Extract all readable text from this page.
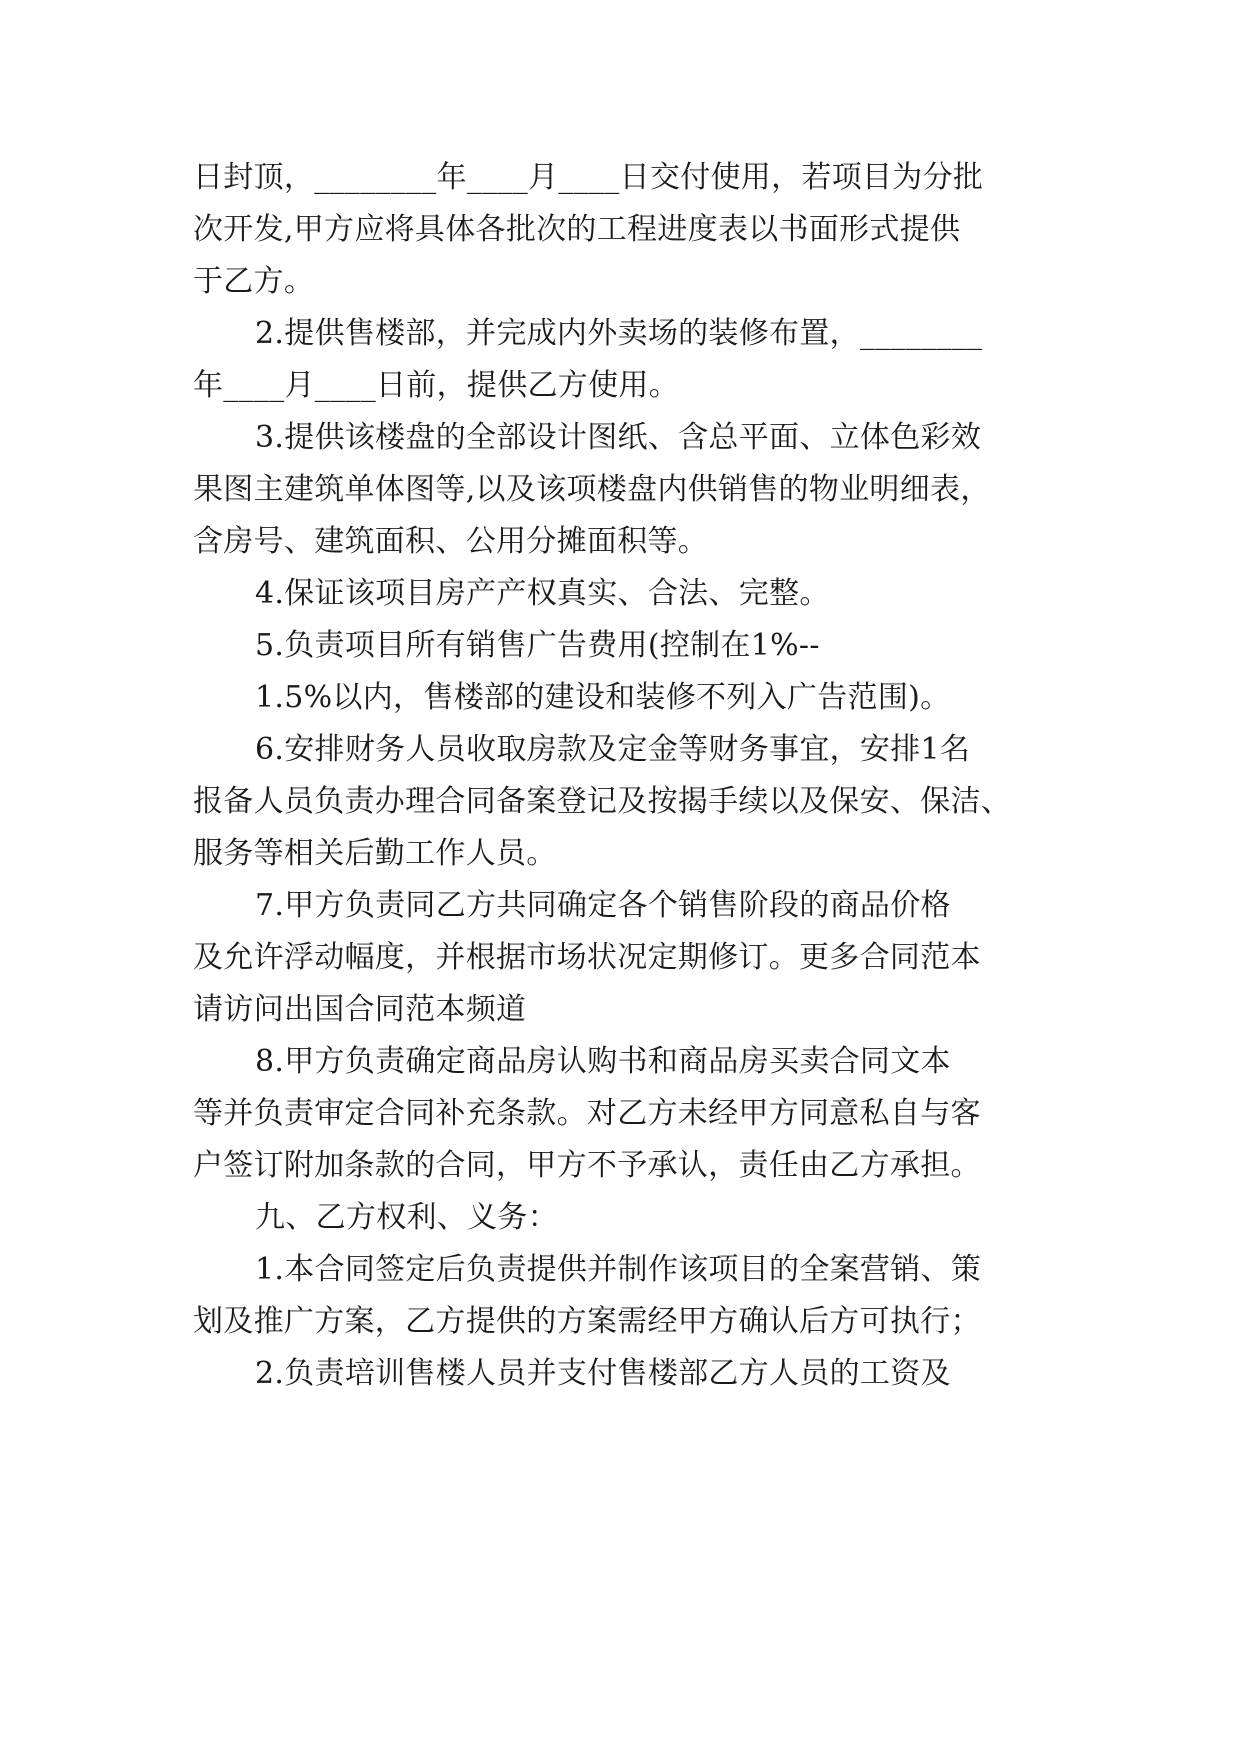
日封顶，________年____月____日交付使用，若项目为分批
次开发,甲方应将具体各批次的工程进度表以书面形式提供
于乙方。
2.提供售楼部，并完成内外卖场的装修布置，________
年____月____日前，提供乙方使用。
3.提供该楼盘的全部设计图纸、含总平面、立体色彩效
果图主建筑单体图等,以及该项楼盘内供销售的物业明细表，
含房号、建筑面积、公用分摊面积等。
4.保证该项目房产产权真实、合法、完整。
5.负责项目所有销售广告费用(控制在1%--
1.5%以内，售楼部的建设和装修不列入广告范围)。
6.安排财务人员收取房款及定金等财务事宜，安排1名
报备人员负责办理合同备案登记及按揭手续以及保安、保洁、
服务等相关后勤工作人员。
7.甲方负责同乙方共同确定各个销售阶段的商品价格
及允许浮动幅度，并根据市场状况定期修订。更多合同范本
请访问出国合同范本频道
8.甲方负责确定商品房认购书和商品房买卖合同文本
等并负责审定合同补充条款。对乙方未经甲方同意私自与客
户签订附加条款的合同，甲方不予承认，责任由乙方承担。
九、乙方权利、义务：
1.本合同签定后负责提供并制作该项目的全案营销、策
划及推广方案，乙方提供的方案需经甲方确认后方可执行；
2.负责培训售楼人员并支付售楼部乙方人员的工资及
